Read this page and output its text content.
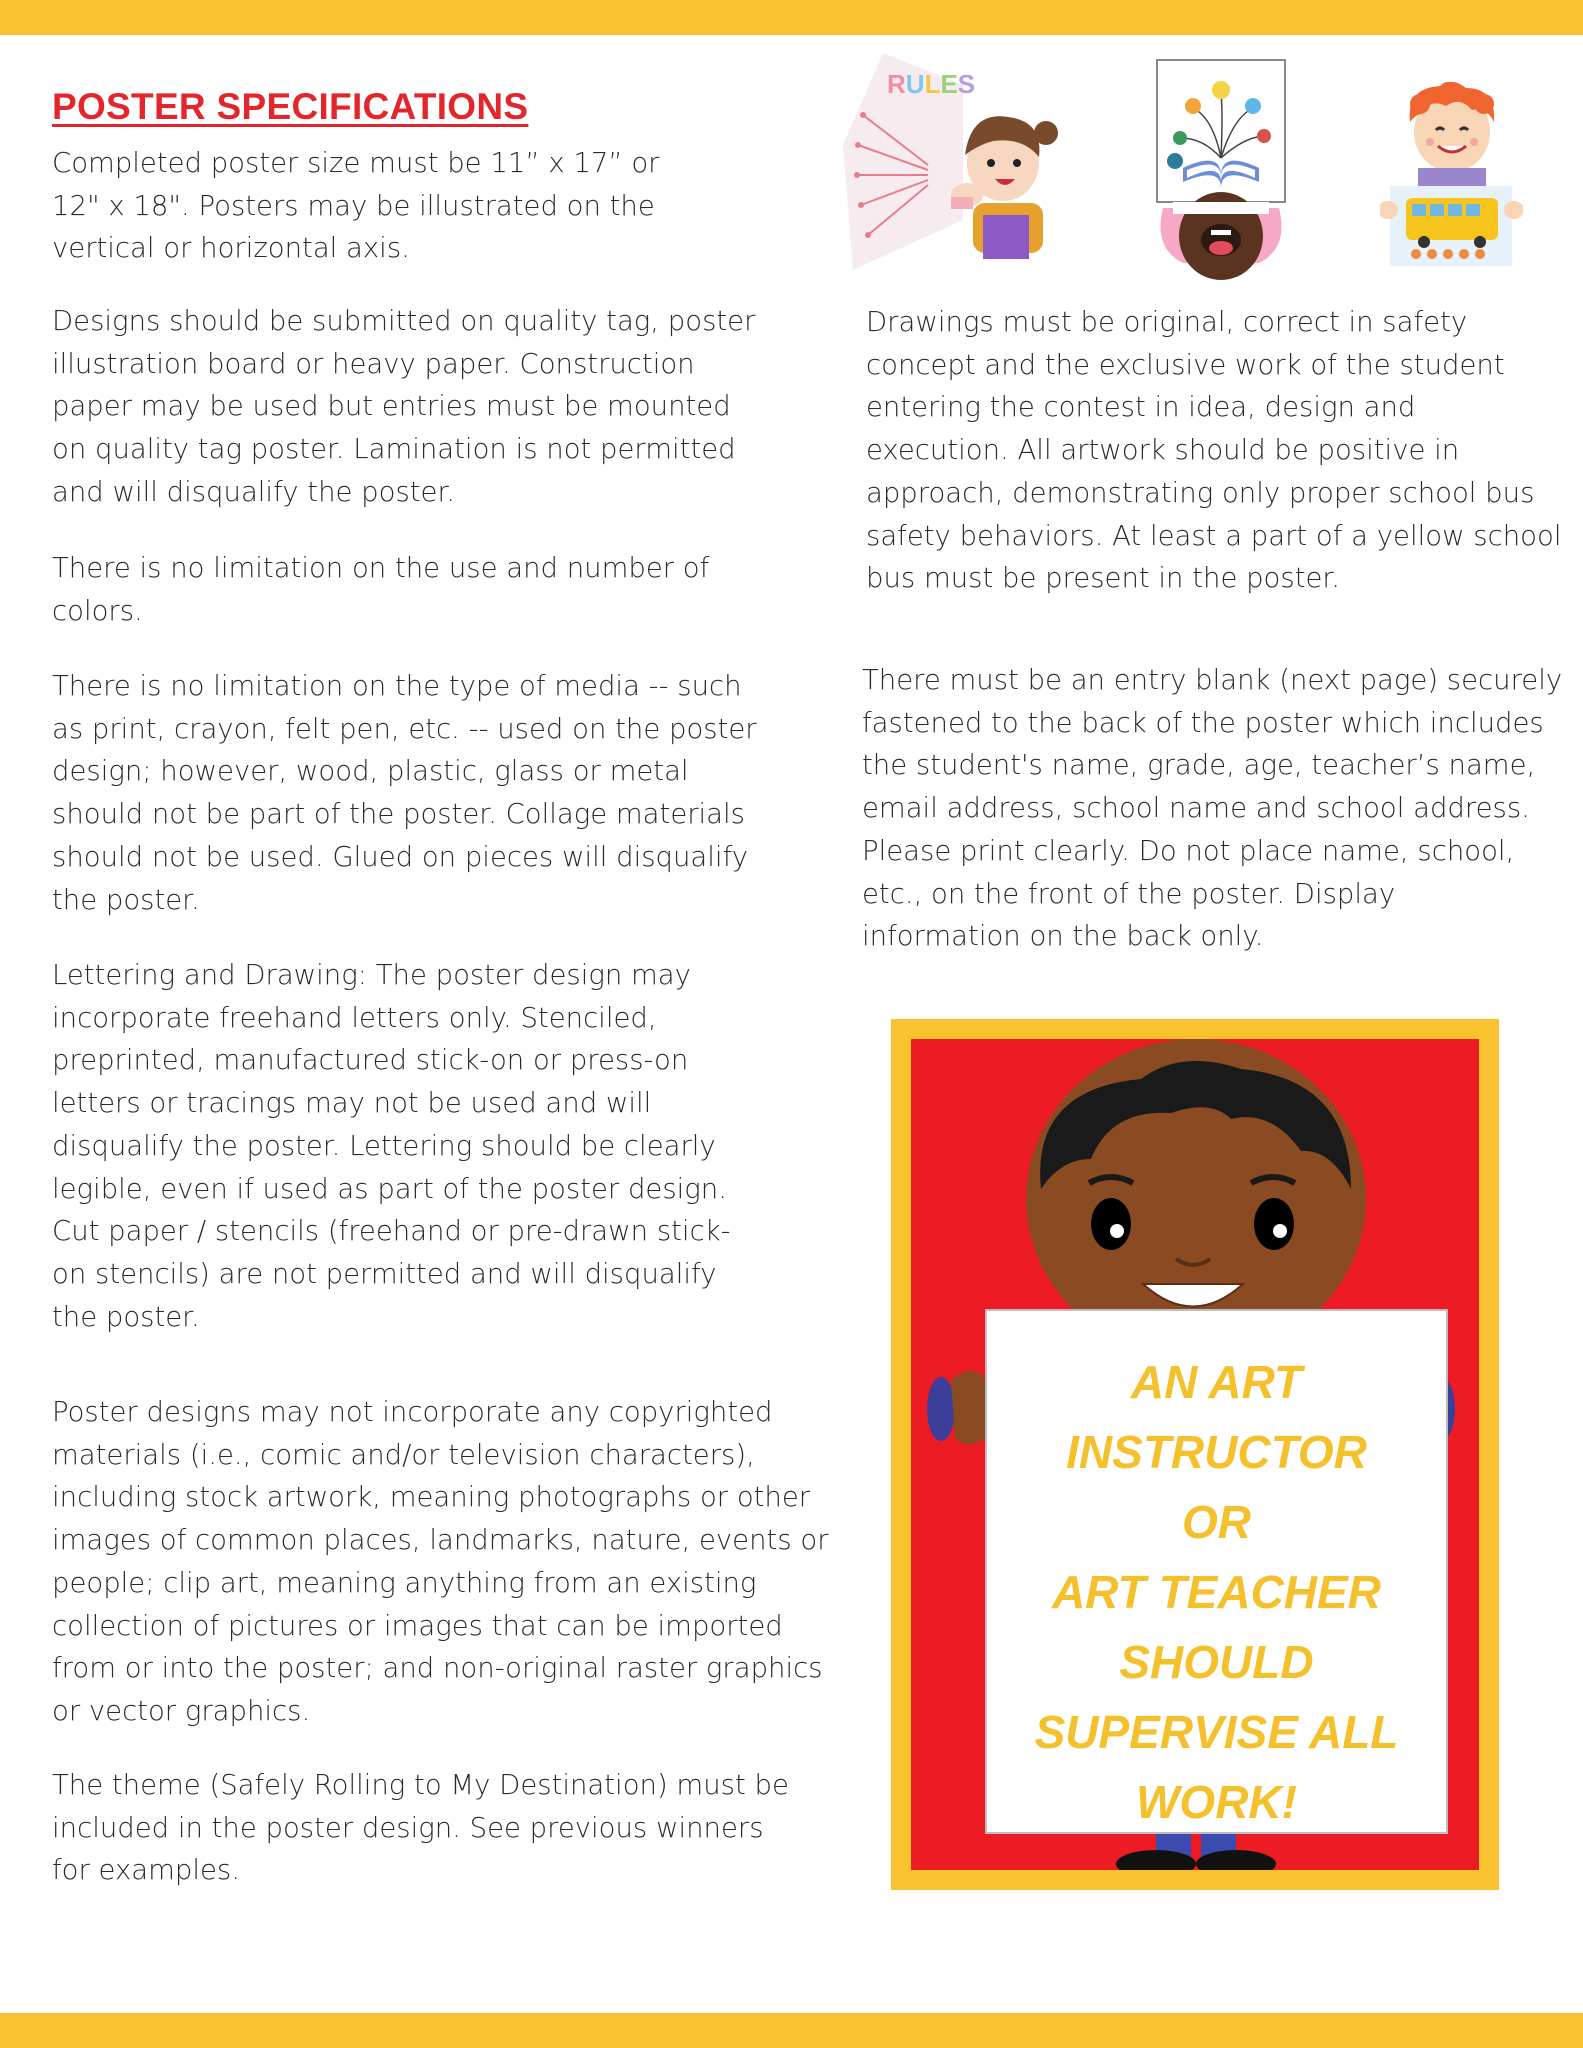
POSTER SPECIFICATIONS
Completed poster size must be 11” x 17” or
12" x 18". Posters may be illustrated on the
vertical or horizontal axis.
Designs should be submitted on quality tag, poster
illustration board or heavy paper. Construction
paper may be used but entries must be mounted
on quality tag poster. Lamination is not permitted
and will disqualify the poster.
There is no limitation on the use and number of
colors.
There is no limitation on the type of media -- such
as print, crayon, felt pen, etc. -- used on the poster
design; however, wood, plastic, glass or metal
should not be part of the poster. Collage materials
should not be used. Glued on pieces will disqualify
the poster.
Lettering and Drawing: The poster design may
incorporate freehand letters only. Stenciled,
preprinted, manufactured stick-on or press-on
letters or tracings may not be used and will
disqualify the poster. Lettering should be clearly
legible, even if used as part of the poster design.
Cut paper / stencils (freehand or pre-drawn stick-
on stencils) are not permitted and will disqualify
the poster.
Poster designs may not incorporate any copyrighted
materials (i.e., comic and/or television characters),
including stock artwork, meaning photographs or other
images of common places, landmarks, nature, events or
people; clip art, meaning anything from an existing
collection of pictures or images that can be imported
from or into the poster; and non-original raster graphics
or vector graphics.
The theme (Safely Rolling to My Destination) must be
included in the poster design. See previous winners
for examples.
Drawings must be original, correct in safety
concept and the exclusive work of the student
entering the contest in idea, design and
execution. All artwork should be positive in
approach, demonstrating only proper school bus
safety behaviors. At least a part of a yellow school
bus must be present in the poster.
There must be an entry blank (next page) securely
fastened to the back of the poster which includes
the student's name, grade, age, teacher’s name,
email address, school name and school address.
Please print clearly. Do not place name, school,
etc., on the front of the poster. Display
information on the back only.
RULES
AN ART
INSTRUCTOR
OR
ART TEACHER
SHOULD
SUPERVISE ALL
WORK!
